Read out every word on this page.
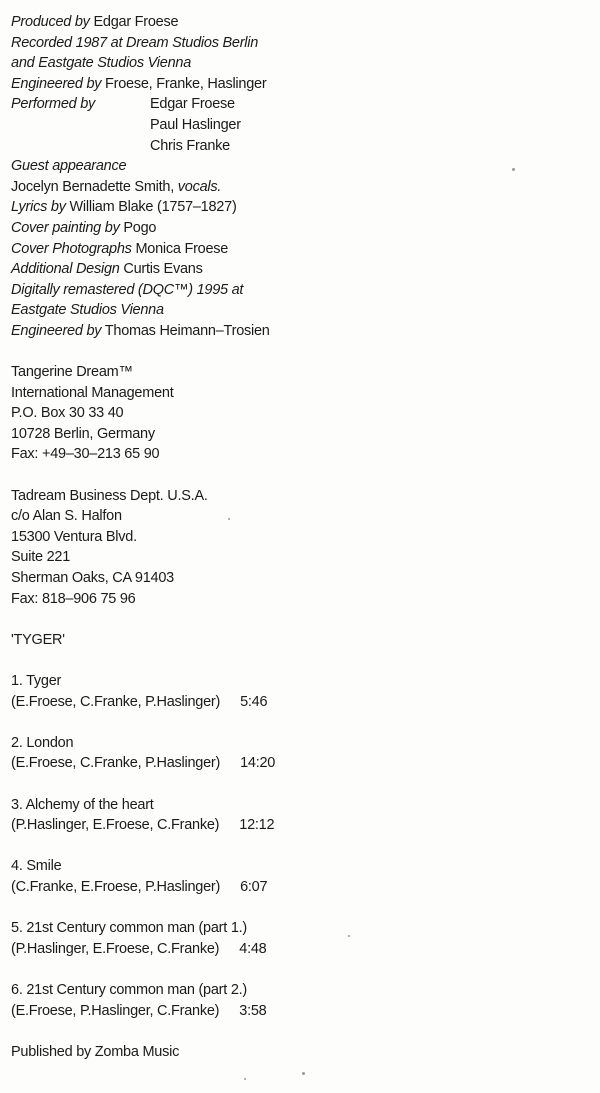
Produced by Edgar Froese
Recorded 1987 at Dream Studios Berlin
and Eastgate Studios Vienna
Engineered by Froese, Franke, Haslinger
Performed by	Edgar Froese
Paul Haslinger
Chris Franke
Guest appearance
Jocelyn Bernadette Smith, vocals.
Lyrics by William Blake (1757–1827)
Cover painting by Pogo
Cover Photographs Monica Froese
Additional Design Curtis Evans
Digitally remastered (DQC™) 1995 at
Eastgate Studios Vienna
Engineered by Thomas Heimann–Trosien
Tangerine Dream™
International Management
P.O. Box 30 33 40
10728 Berlin, Germany
Fax: +49–30–213 65 90
Tadream Business Dept. U.S.A.
c/o Alan S. Halfon
15300 Ventura Blvd.
Suite 221
Sherman Oaks, CA 91403
Fax: 818–906 75 96
'TYGER'
1. Tyger
(E.Froese, C.Franke, P.Haslinger) 5:46
2. London
(E.Froese, C.Franke, P.Haslinger) 14:20
3. Alchemy of the heart
(P.Haslinger, E.Froese, C.Franke) 12:12
4. Smile
(C.Franke, E.Froese, P.Haslinger) 6:07
5. 21st Century common man (part 1.)
(P.Haslinger, E.Froese, C.Franke) 4:48
6. 21st Century common man (part 2.)
(E.Froese, P.Haslinger, C.Franke) 3:58
Published by Zomba Music
